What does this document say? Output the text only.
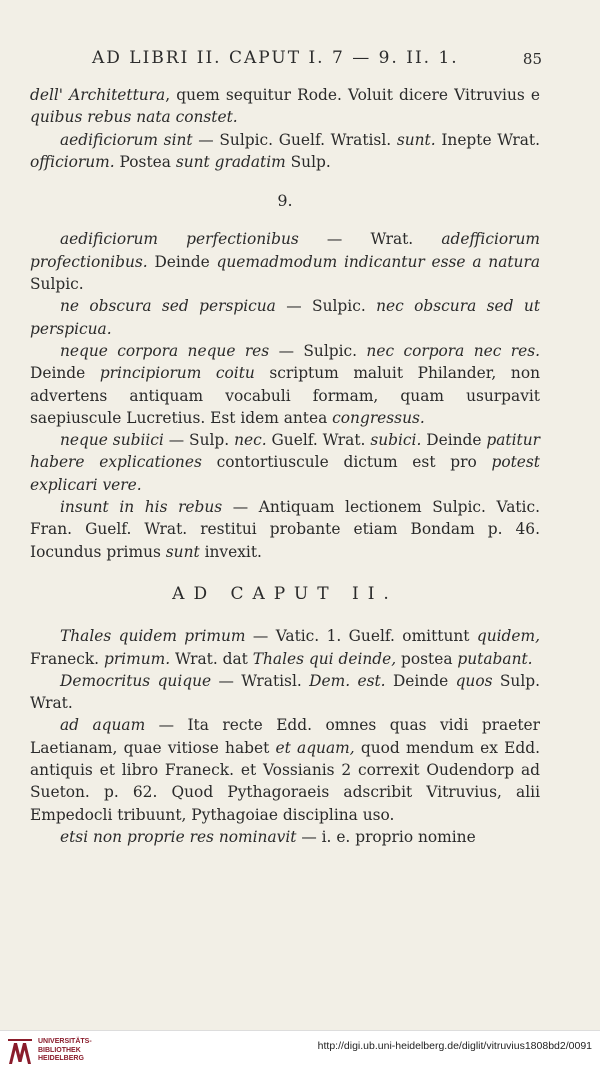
AD LIBRI II. CAPUT I. 7 — 9. II. 1.	85

dell' Architettura, quem sequitur Rode. Voluit dicere Vitruvius e quibus rebus nata constet.

aedificiorum sint — Sulpic. Guelf. Wratisl. sunt. Inepte Wrat. officiorum. Postea sunt gradatim Sulp.

9.

aedificiorum perfectionibus — Wrat. adefficiorum profectionibus. Deinde quemadmodum indicantur esse a natura Sulpic.

ne obscura sed perspicua — Sulpic. nec obscura sed ut perspicua.

neque corpora neque res — Sulpic. nec corpora nec res. Deinde principiorum coitu scriptum maluit Philander, non advertens antiquam vocabuli formam, quam usurpavit saepiuscule Lucretius. Est idem antea congressus.

neque subiici — Sulp. nec. Guelf. Wrat. subici. Deinde patitur habere explicationes contortiuscule dictum est pro potest explicari vere.

insunt in his rebus — Antiquam lectionem Sulpic. Vatic. Fran. Guelf. Wrat. restitui probante etiam Bondam p. 46. Iocundus primus sunt invexit.

AD CAPUT II.

Thales quidem primum — Vatic. 1. Guelf. omittunt quidem, Franeck. primum. Wrat. dat Thales qui deinde, postea putabant.

Democritus quique — Wratisl. Dem. est. Deinde quos Sulp. Wrat.

ad aquam — Ita recte Edd. omnes quas vidi praeter Laetianam, quae vitiose habet et aquam, quod mendum ex Edd. antiquis et libro Franeck. et Vossianis 2 correxit Oudendorp ad Sueton. p. 62. Quod Pythagoraeis adscribit Vitruvius, alii Empedocli tribuunt, Pythagoiae disciplina uso.

etsi non proprie res nominavit — i. e. proprio nomine

UNIVERSITÄTS-
BIBLIOTHEK
HEIDELBERG
http://digi.ub.uni-heidelberg.de/diglit/vitruvius1808bd2/0091
